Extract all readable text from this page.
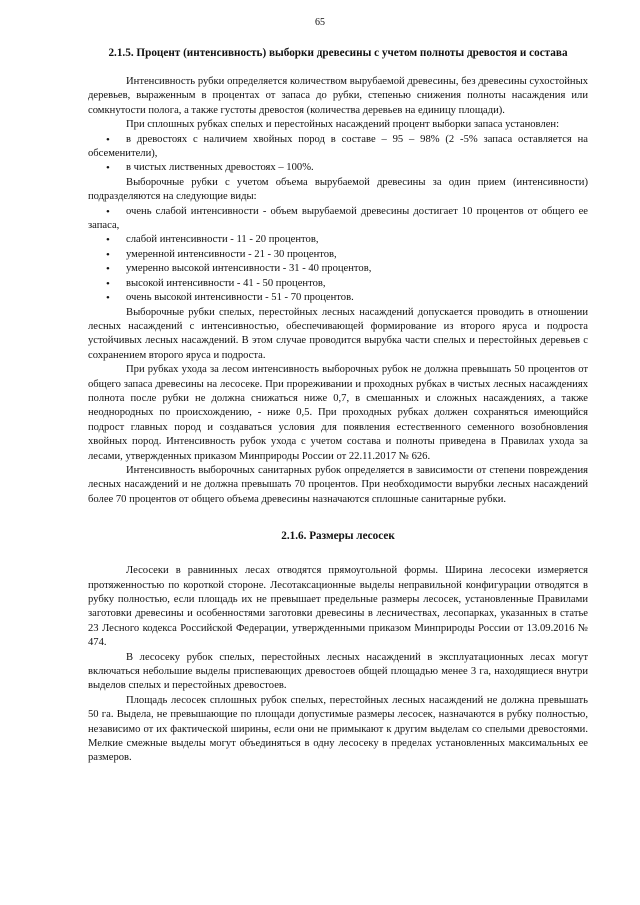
65
2.1.5. Процент (интенсивность) выборки древесины с учетом полноты древостоя и состава

Интенсивность рубки определяется количеством вырубаемой древесины, без древесины сухостойных деревьев, выраженным в процентах от запаса до рубки, степенью снижения полноты насаждения или сомкнутости полога, а также густоты древостоя (количества деревьев на единицу площади).

При сплошных рубках спелых и перестойных насаждений процент выборки запаса установлен:

• в древостоях с наличием хвойных пород в составе – 95 – 98% (2 -5% запаса оставляется на обсеменители),
• в чистых лиственных древостоях – 100%.

Выборочные рубки с учетом объема вырубаемой древесины за один прием (интенсивности) подразделяются на следующие виды:

• очень слабой интенсивности - объем вырубаемой древесины достигает 10 процентов от общего ее запаса,
• слабой интенсивности - 11 - 20 процентов,
• умеренной интенсивности - 21 - 30 процентов,
• умеренно высокой интенсивности - 31 - 40 процентов,
• высокой интенсивности - 41 - 50 процентов,
• очень высокой интенсивности - 51 - 70 процентов.

Выборочные рубки спелых, перестойных лесных насаждений допускается проводить в отношении лесных насаждений с интенсивностью, обеспечивающей формирование из второго яруса и подроста устойчивых лесных насаждений. В этом случае проводится вырубка части спелых и перестойных деревьев с сохранением второго яруса и подроста.

При рубках ухода за лесом интенсивность выборочных рубок не должна превышать 50 процентов от общего запаса древесины на лесосеке. При прореживании и проходных рубках в чистых лесных насаждениях полнота после рубки не должна снижаться ниже 0,7, в смешанных и сложных насаждениях, а также неоднородных по происхождению, - ниже 0,5. При проходных рубках должен сохраняться имеющийся подрост главных пород и создаваться условия для появления естественного семенного возобновления хвойных пород. Интенсивность рубок ухода с учетом состава и полноты приведена в Правилах ухода за лесами, утвержденных приказом Минприроды России от 22.11.2017 № 626.

Интенсивность выборочных санитарных рубок определяется в зависимости от степени повреждения лесных насаждений и не должна превышать 70 процентов. При необходимости вырубки лесных насаждений более 70 процентов от общего объема древесины назначаются сплошные санитарные рубки.

2.1.6. Размеры лесосек

Лесосеки в равнинных лесах отводятся прямоугольной формы. Ширина лесосеки измеряется протяженностью по короткой стороне. Лесотаксационные выделы неправильной конфигурации отводятся в рубку полностью, если площадь их не превышает предельные размеры лесосек, установленные Правилами заготовки древесины и особенностями заготовки древесины в лесничествах, лесопарках, указанных в статье 23 Лесного кодекса Российской Федерации, утвержденными приказом Минприроды России от 13.09.2016 № 474.

В лесосеку рубок спелых, перестойных лесных насаждений в эксплуатационных лесах могут включаться небольшие выделы приспевающих древостоев общей площадью менее 3 га, находящиеся внутри выделов спелых и перестойных древостоев.

Площадь лесосек сплошных рубок спелых, перестойных лесных насаждений не должна превышать 50 га. Выдела, не превышающие по площади допустимые размеры лесосек, назначаются в рубку полностью, независимо от их фактической ширины, если они не примыкают к другим выделам со спелыми древостоями. Мелкие смежные выделы могут объединяться в одну лесосеку в пределах установленных максимальных ее размеров.
